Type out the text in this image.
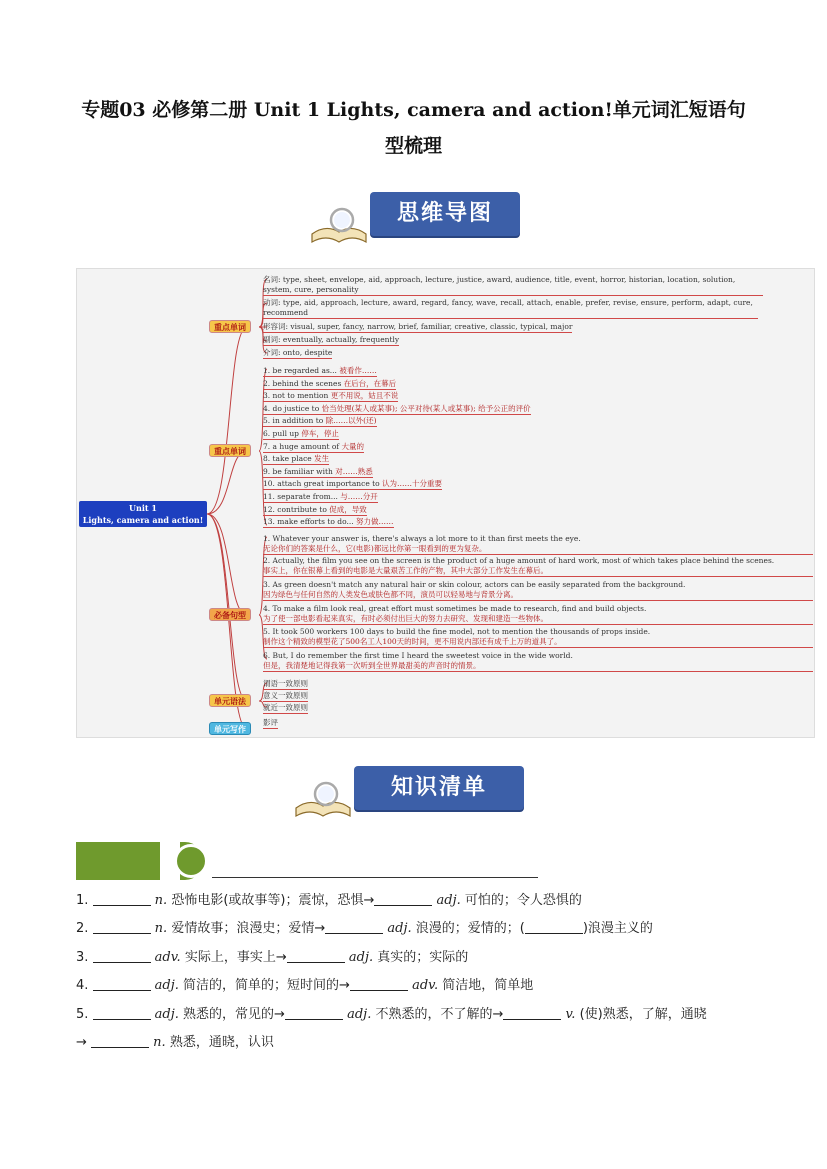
专题03 必修第二册 Unit 1 Lights, camera and action!单元词汇短语句
型梳理
思维导图
Unit 1
Lights, camera and action!
重点单词
重点单词
必备句型
单元语法
单元写作
名词: type, sheet, envelope, aid, approach, lecture, justice, award, audience, title, event, horror, historian, location, solution, system, cure, personality
动词: type, aid, approach, lecture, award, regard, fancy, wave, recall, attach, enable, prefer, revise, ensure, perform, adapt, cure, recommend
形容词: visual, super, fancy, narrow, brief, familiar, creative, classic, typical, major
副词: eventually, actually, frequently
介词: onto, despite
1. be regarded as... 被看作……
2. behind the scenes 在后台，在幕后
3. not to mention 更不用说，姑且不说
4. do justice to 恰当处理(某人或某事); 公平对待(某人或某事); 给予公正的评价
5. in addition to 除……以外(还)
6. pull up 停车，停止
7. a huge amount of 大量的
8. take place 发生
9. be familiar with 对……熟悉
10. attach great importance to 认为……十分重要
11. separate from... 与……分开
12. contribute to 促成，导致
13. make efforts to do... 努力做……
1. Whatever your answer is, there's always a lot more to it than first meets the eye.
无论你们的答案是什么，它(电影)都远比你第一眼看到的更为复杂。
2. Actually, the film you see on the screen is the product of a huge amount of hard work, most of which takes place behind the scenes.
事实上，你在银幕上看到的电影是大量艰苦工作的产物，其中大部分工作发生在幕后。
3. As green doesn't match any natural hair or skin colour, actors can be easily separated from the background.
因为绿色与任何自然的人类发色或肤色都不同，演员可以轻易地与背景分离。
4. To make a film look real, great effort must sometimes be made to research, find and build objects.
为了使一部电影看起来真实，有时必须付出巨大的努力去研究、发现和建造一些物体。
5. It took 500 workers 100 days to build the fine model, not to mention the thousands of props inside.
制作这个精致的模型花了500名工人100天的时间，更不用说内部还有成千上万的道具了。
6. But, I do remember the first time I heard the sweetest voice in the wide world.
但是，我清楚地记得我第一次听到全世界最甜美的声音时的情景。
谓语一致原则
意义一致原则
就近一致原则
影评
知识清单
1.	n. 恐怖电影(或故事等)；震惊，恐惧→	adj. 可怕的；令人恐惧的
2.	n. 爱情故事；浪漫史；爱情→	adj. 浪漫的；爱情的；(	)浪漫主义的
3.	adv. 实际上，事实上→	adj. 真实的；实际的
4.	adj. 简洁的，简单的；短时间的→	adv. 简洁地，简单地
5.	adj. 熟悉的，常见的→	adj. 不熟悉的，不了解的→	v. (使)熟悉，了解，通晓
→	n. 熟悉，通晓，认识
